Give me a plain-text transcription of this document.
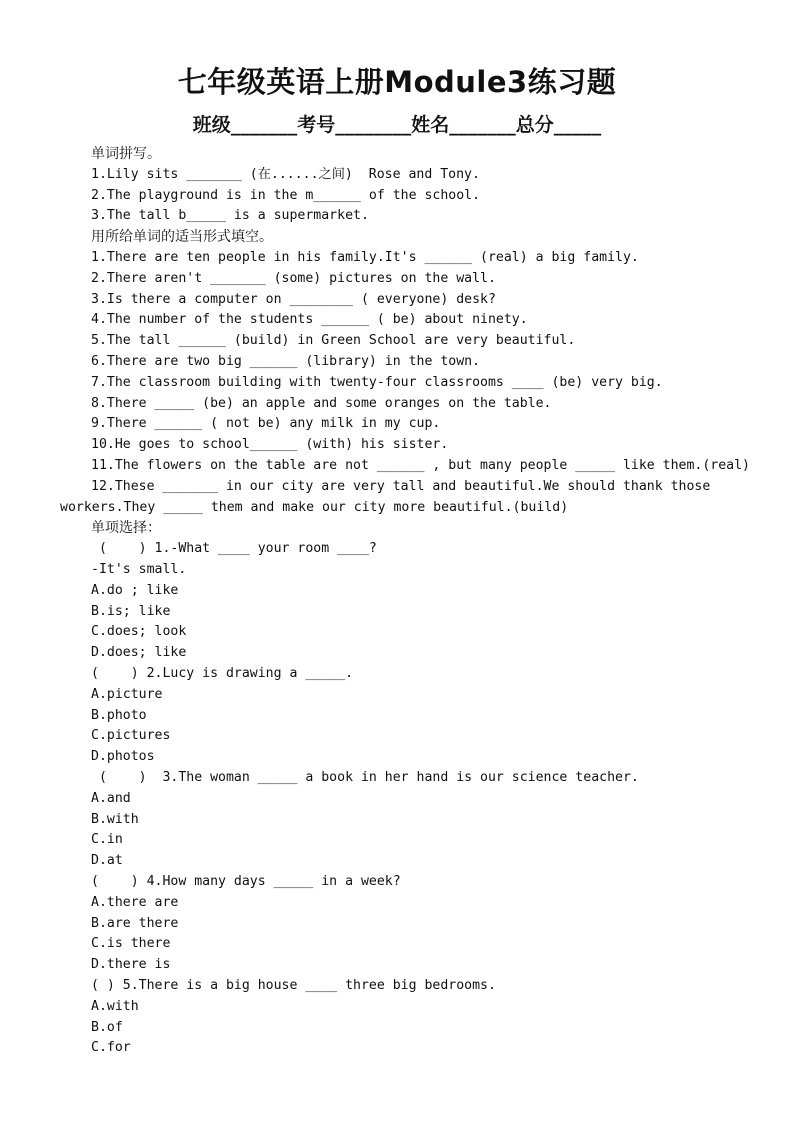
七年级英语上册Module3练习题
班级_______考号________姓名_______总分_____
单词拼写。
1.Lily sits _______ (在......之间)  Rose and Tony.
2.The playground is in the m______ of the school.
3.The tall b_____ is a supermarket.
用所给单词的适当形式填空。
1.There are ten people in his family.It's ______ (real) a big family.
2.There aren't _______ (some) pictures on the wall.
3.Is there a computer on ________ ( everyone) desk?
4.The number of the students ______ ( be) about ninety.
5.The tall ______ (build) in Green School are very beautiful.
6.There are two big ______ (library) in the town.
7.The classroom building with twenty-four classrooms ____ (be) very big.
8.There _____ (be) an apple and some oranges on the table.
9.There ______ ( not be) any milk in my cup.
10.He goes to school______ (with) his sister.
11.The flowers on the table are not ______ , but many people _____ like them.(real)
12.These _______ in our city are very tall and beautiful.We should thank those
workers.They _____ them and make our city more beautiful.(build)
单项选择：
(    ) 1.-What ____ your room ____?
-It's small.
A.do ; like
B.is; like
C.does; look
D.does; like
(    ) 2.Lucy is drawing a _____.
A.picture
B.photo
C.pictures
D.photos
(    )  3.The woman _____ a book in her hand is our science teacher.
A.and
B.with
C.in
D.at
(    ) 4.How many days _____ in a week?
A.there are
B.are there
C.is there
D.there is
( ) 5.There is a big house ____ three big bedrooms.
A.with
B.of
C.for
